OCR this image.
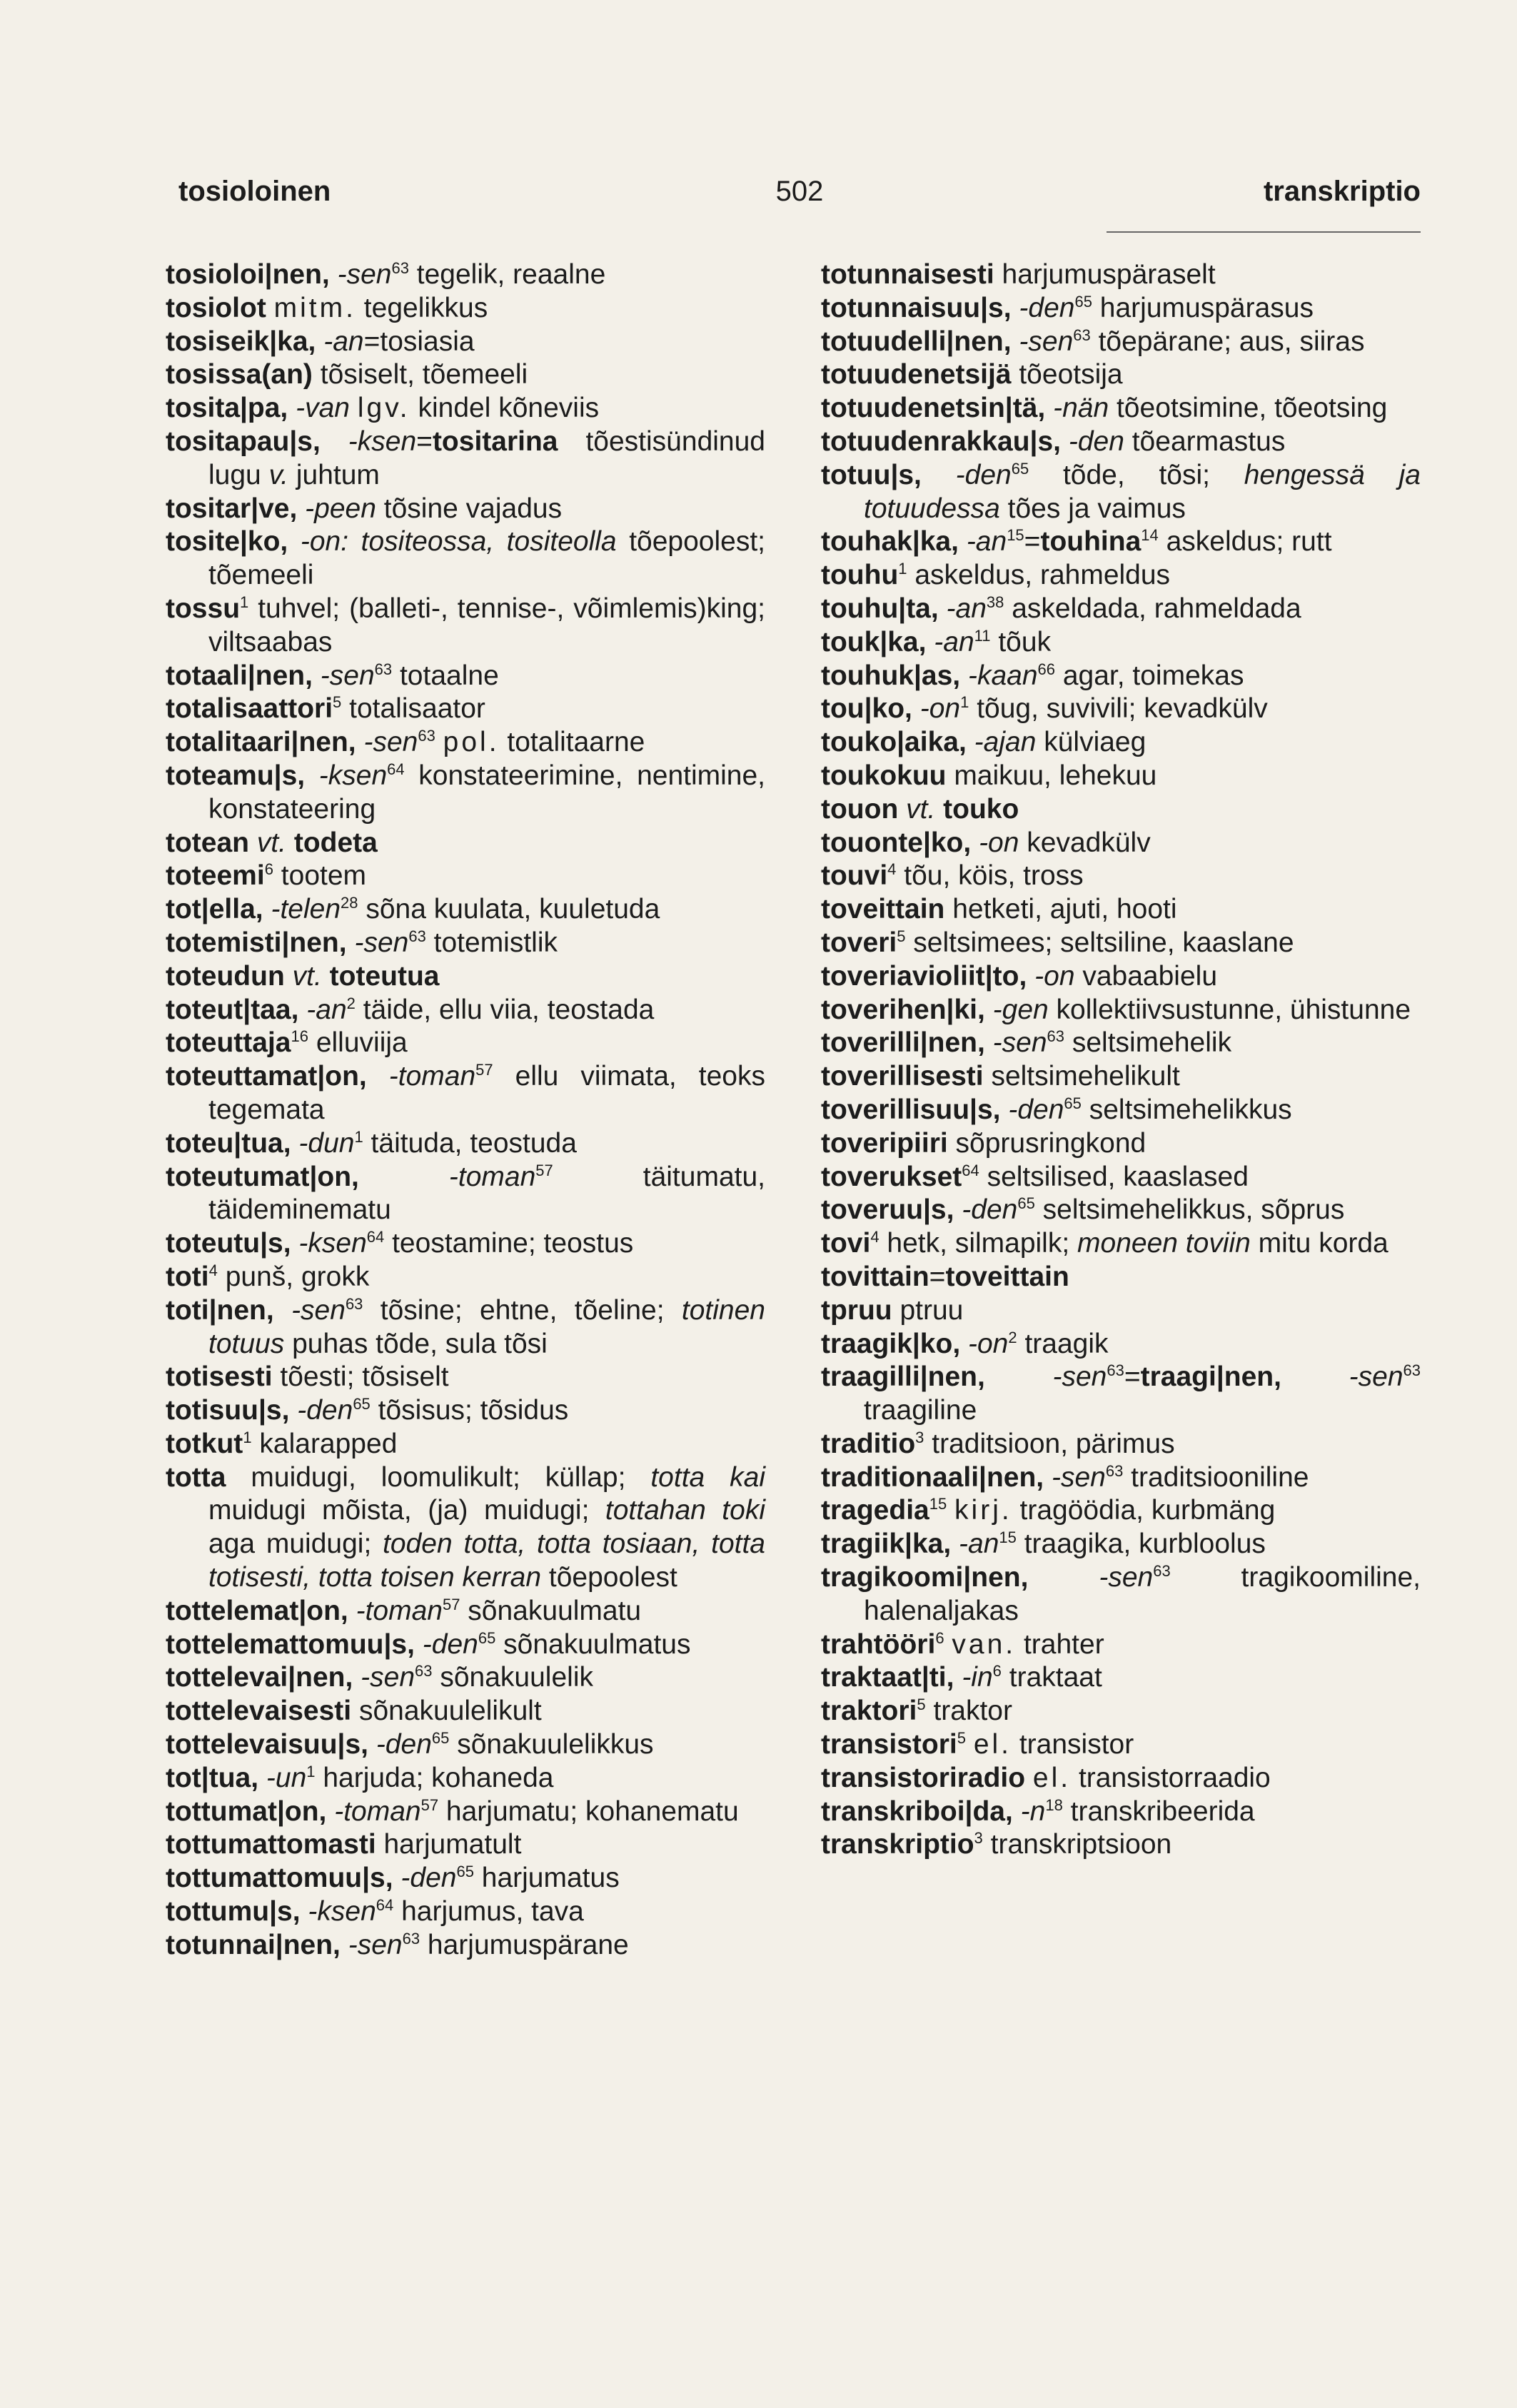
tosioloinen	502	transkriptio
tosioloi|nen, -sen$^{63}$ tegelik, reaalne
tosiolot mitm. tegelikkus
tosiseik|ka, -an=tosiasia
tosissa(an) tõsiselt, tõemeeli
tosita|pa, -van lgv. kindel kõneviis
tositapau|s, -ksen=tositarina tõestisündinud lugu v. juhtum
tositar|ve, -peen tõsine vajadus
tosite|ko, -on: tositeossa, tositeolla tõepoolest; tõemeeli
tossu$^1$ tuhvel; (balleti-, tennise-, võimlemis)king; viltsaabas
totaali|nen, -sen$^{63}$ totaalne
totalisaattori$^5$ totalisaator
totalitaari|nen, -sen$^{63}$ pol. totalitaarne
toteamu|s, -ksen$^{64}$ konstateerimine, nentimine, konstateering
totean vt. todeta
toteemi$^6$ tootem
tot|ella, -telen$^{28}$ sõna kuulata, kuuletuda
totemisti|nen, -sen$^{63}$ totemistlik
toteudun vt. toteutua
toteut|taa, $-an^2$ täide, ellu viia, teostada
toteuttaja$^{16}$ elluviija
toteuttamat|on, -toman$^{57}$ ellu viimata, teoks tegemata
toteu|tua, -dun$^1$ täituda, teostuda
toteutumat|on,	-toman$^{57}$ täitumatu, täideminematu
toteutu|s, -ksen$^{64}$ teostamine; teostus
toti$^4$ punš, grokk
toti|nen, -sen$^{63}$ tõsine; ehtne, tõeline; totinen totuus puhas tõde, sula tõsi
totisesti tõesti; tõsiselt
totisuu|s, -den$^{65}$ tõsisus; tõsidus
totkut$^1$ kalarapped
totta muidugi, loomulikult; küllap; totta kai muidugi mõista, (ja) muidugi; tottahan toki aga muidugi; toden totta, totta tosiaan, totta totisesti, totta toisen kerran tõepoolest
tottelemat|on, -toman$^{57}$ sõnakuulmatu
tottelemattomuu|s, -den$^{65}$ sõnakuulmatus
tottelevai|nen, -sen$^{63}$ sõnakuulelik
tottelevaisesti sõnakuulelikult
tottelevaisuu|s, -den$^{65}$ sõnakuulelikkus
tot|tua, $-un^1$ harjuda; kohaneda
tottumat|on, -toman$^{57}$ harjumatu; kohanematu
tottumattomasti harjumatult
tottumattomuu|s, -den$^{65}$ harjumatus
tottumu|s, -ksen$^{64}$ harjumus, tava
totunnai|nen, -sen$^{63}$ harjumuspärane
totunnaisesti harjumuspäraselt
totunnaisuu|s, -den$^{65}$ harjumuspärasus
totuudelli|nen, -sen$^{63}$ tõepärane; aus, siiras
totuudenetsijä tõeotsija
totuudenetsin|tä, -nän tõeotsimine, tõeotsing
totuudenrakkau|s, -den tõearmastus
totuu|s, -den$^{65}$ tõde, tõsi; hengessä ja totuudessa tões ja vaimus
touhak|ka, $-an^{15}=touhina^{14}$ askeldus; rutt
touhu$^1$ askeldus, rahmeldus
touhu|ta, $-an^{38}$ askeldada, rahmeldada
touk|ka, $-an^{11}$ tõuk
touhuk|as, -kaan$^{66}$ agar, toimekas
tou|ko, $-on^1$ tõug, suvivili; kevadkülv
touko|aika, -ajan külviaeg
toukokuu maikuu, lehekuu
touon vt. touko
touonte|ko, -on kevadkülv
touvi$^4$ tõu, köis, tross
toveittain hetketi, ajuti, hooti
toveri$^5$ seltsimees; seltsiline, kaaslane
toveriavioliit|to, -on vabaabielu
toverihen|ki, -gen kollektiivsustunne, ühistunne
toverilli|nen, -sen$^{63}$ seltsimehelik
toverillisesti seltsimehelikult
toverillisuu|s, -den$^{65}$ seltsimehelikkus
toveripiiri sõprusringkond
toverukset$^{64}$ seltsilised, kaaslased
toveruu|s, -den$^{65}$ seltsimehelikkus, sõprus
tovi$^4$ hetk, silmapilk; moneen toviin mitu korda
tovittain=toveittain
tpruu ptruu
traagik|ko, $-on^2$ traagik
traagilli|nen, -sen$^{63}$=traagi|nen, -sen$^{63}$ traagiline
traditio$^3$ traditsioon, pärimus
traditionaali|nen, -sen$^{63}$ traditsiooniline
tragedia$^{15}$ kirj. tragöödia, kurbmäng
tragiik|ka, $-an^{15}$ traagika, kurbloolus
tragikoomi|nen,	-sen$^{63}$ tragikoomiline, halenaljakas
trahtööri$^6$ van. trahter
traktaat|ti, $-in^6$ traktaat
traktori$^5$ traktor
transistori$^5$ el. transistor
transistoriradio el. transistorraadio
transkriboi|da, $-n^{18}$ transkribeerida
transkriptio$^3$ transkriptsioon
